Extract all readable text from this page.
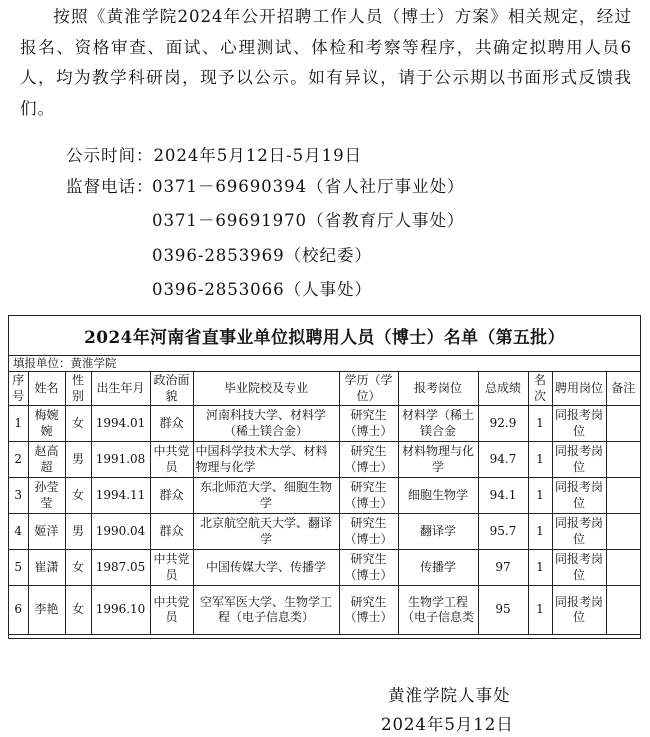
按照《黄淮学院2024年公开招聘工作人员（博士）方案》相关规定，经过报名、资格审查、面试、心理测试、体检和考察等程序，共确定拟聘用人员6人，均为教学科研岗，现予以公示。如有异议，请于公示期以书面形式反馈我们。

公示时间：2024年5月12日-5月19日
监督电话：
0371－69690394（省人社厅事业处）
0371－69691970（省教育厅人事处）
0396-2853969（校纪委）
0396-2853066（人事处）
2024年河南省直事业单位拟聘用人员（博士）名单（第五批）
填报单位：黄淮学院
序号	姓名	性别	出生年月	政治面貌	毕业院校及专业	学历（学位）	报考岗位	总成绩	名次	聘用岗位	备注
1	梅婉婉	女	1994.01	群众	河南科技大学、材料学（稀土镁合金）	研究生（博士）	材料学（稀土镁合金	92.9	1	同报考岗位	
2	赵高超	男	1991.08	中共党员	中国科学技术大学、材料物理与化学	研究生（博士）	材料物理与化学	94.7	1	同报考岗位	
3	孙莹莹	女	1994.11	群众	东北师范大学、细胞生物学	研究生（博士）	细胞生物学	94.1	1	同报考岗位	
4	姬洋	男	1990.04	群众	北京航空航天大学、翻译学	研究生（博士）	翻译学	95.7	1	同报考岗位	
5	崔潇	女	1987.05	中共党员	中国传媒大学、传播学	研究生（博士）	传播学	97	1	同报考岗位	
6	李艳	女	1996.10	中共党员	空军军医大学、生物学工程（电子信息类）	研究生（博士）	生物学工程（电子信息类	95	1	同报考岗位	
黄淮学院人事处
2024年5月12日
